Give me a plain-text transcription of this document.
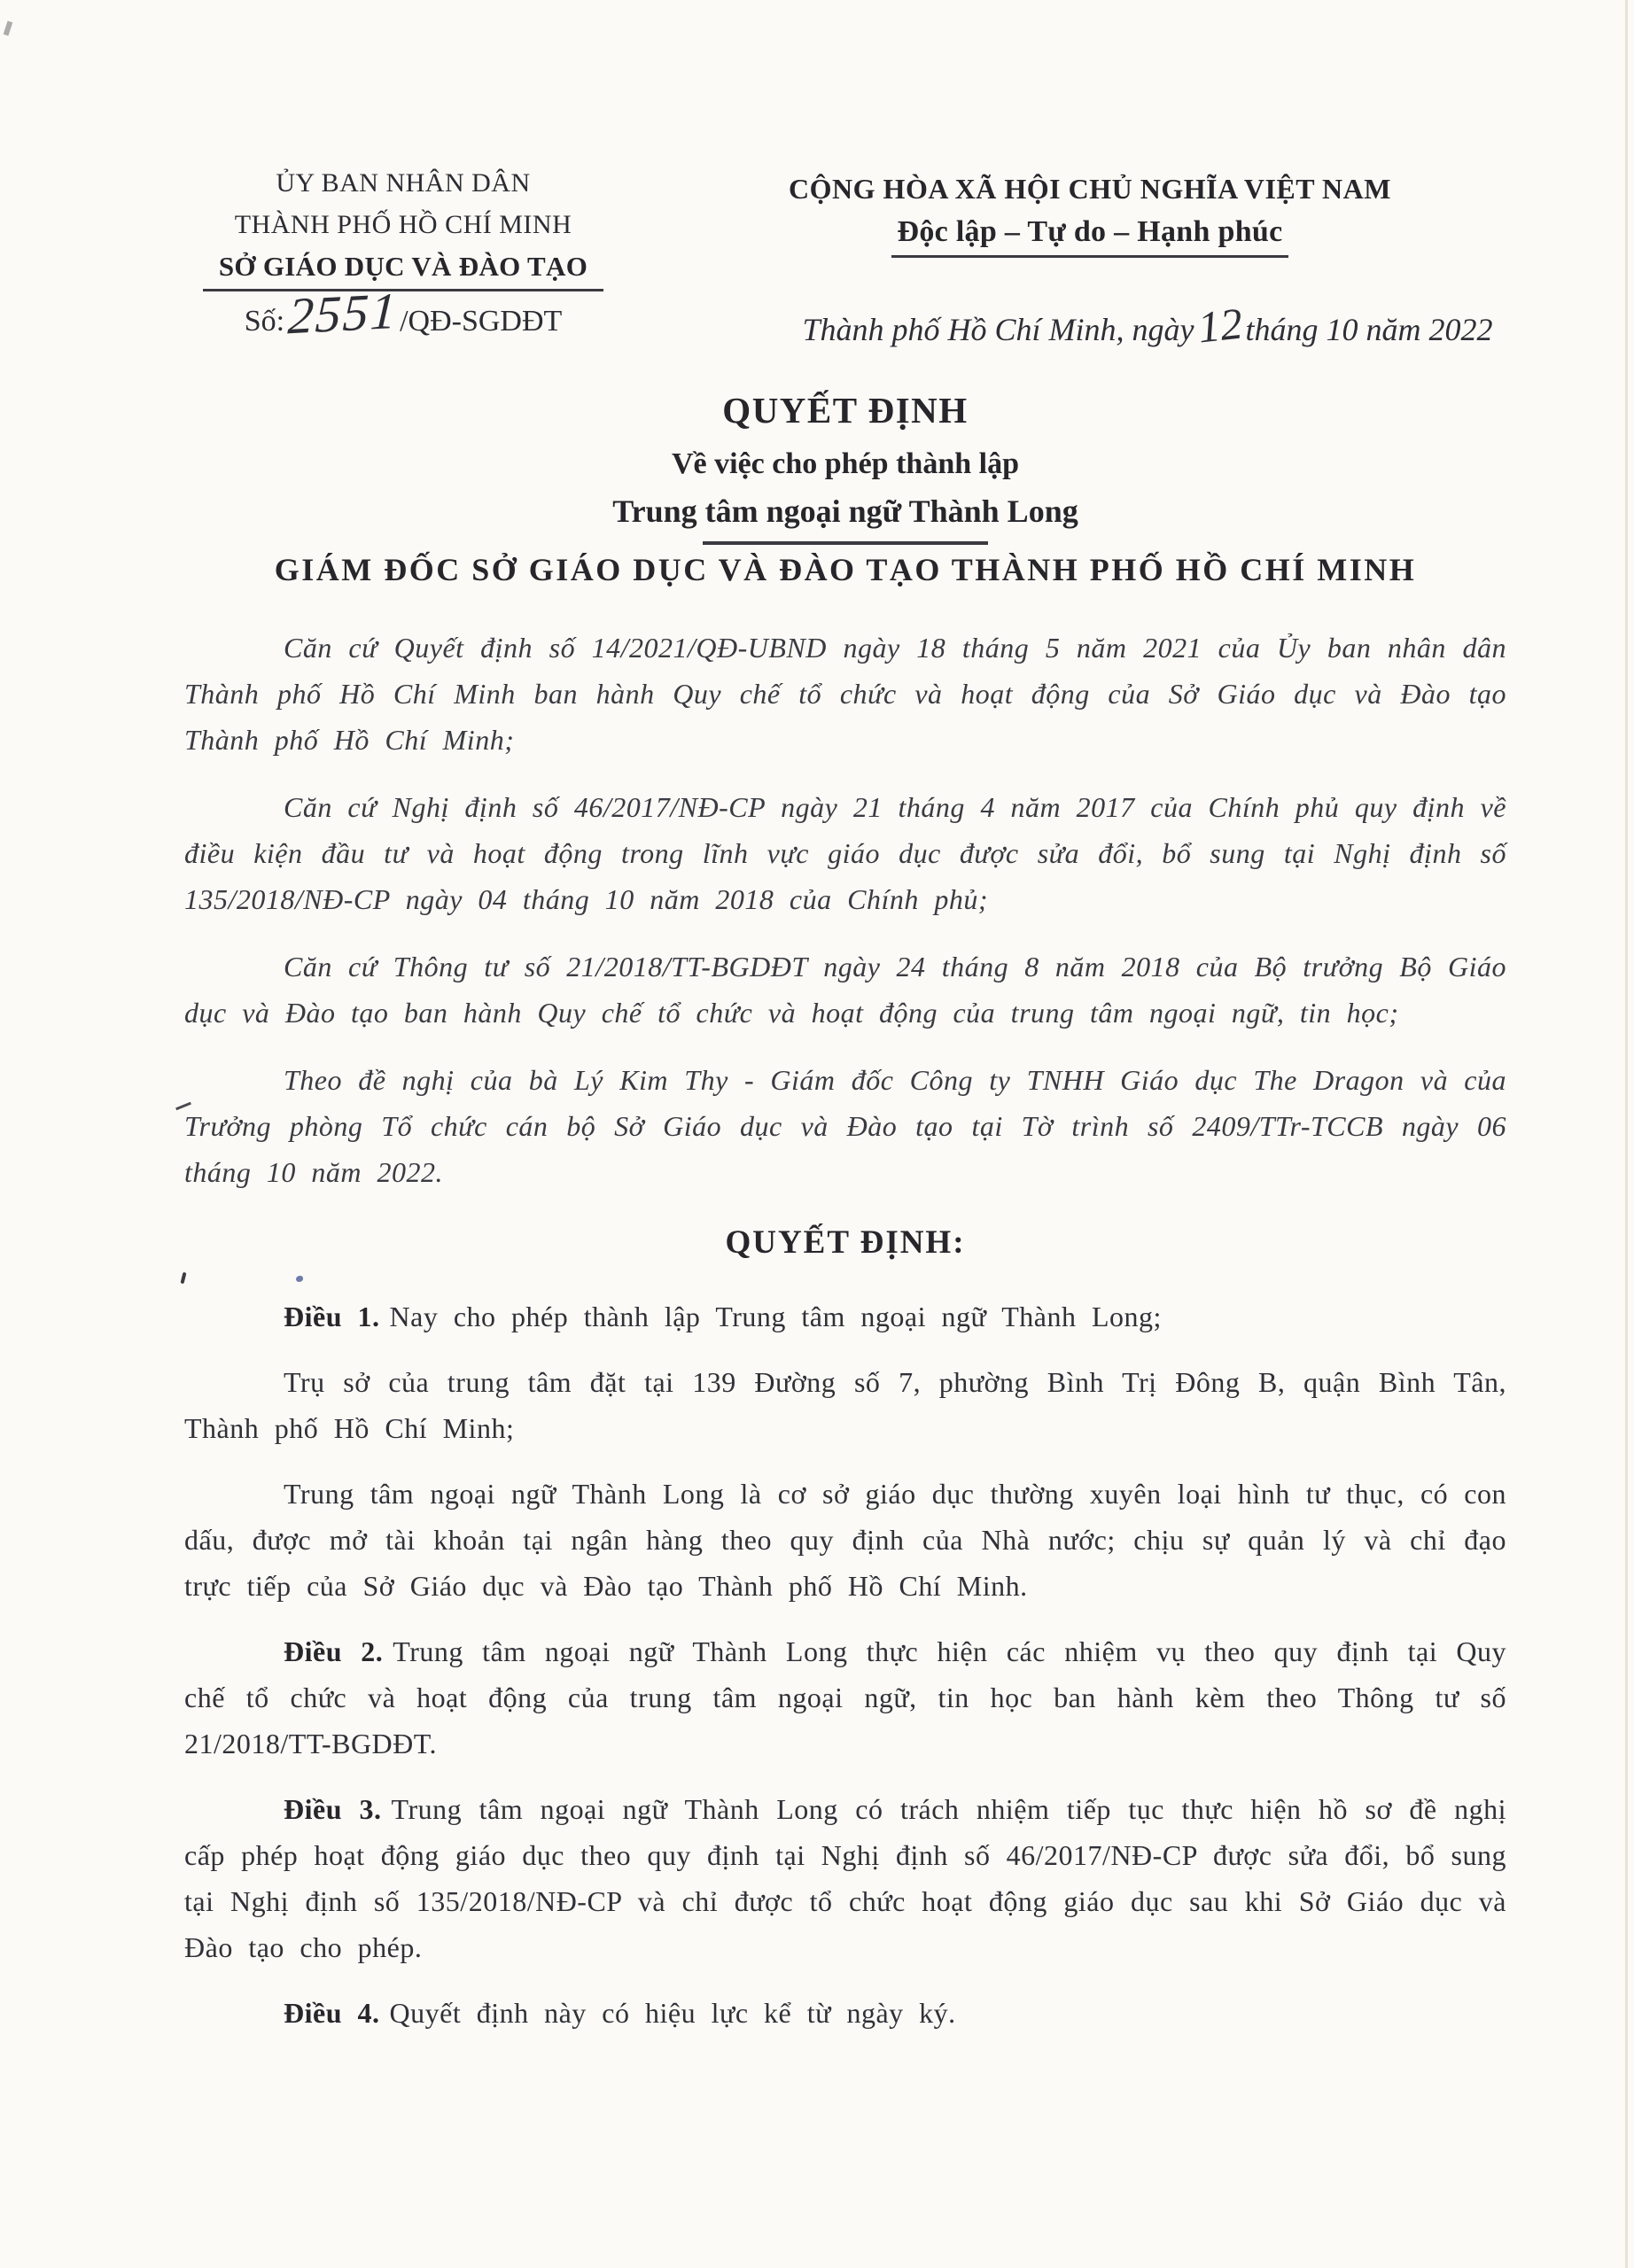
ỦY BAN NHÂN DÂN
THÀNH PHỐ HỒ CHÍ MINH
SỞ GIÁO DỤC VÀ ĐÀO TẠO
Số: 2551 /QĐ-SGDĐT
CỘNG HÒA XÃ HỘI CHỦ NGHĨA VIỆT NAM
Độc lập – Tự do – Hạnh phúc
Thành phố Hồ Chí Minh, ngày 12 tháng 10 năm 2022
QUYẾT ĐỊNH
Về việc cho phép thành lập
Trung tâm ngoại ngữ Thành Long
GIÁM ĐỐC SỞ GIÁO DỤC VÀ ĐÀO TẠO THÀNH PHỐ HỒ CHÍ MINH

Căn cứ Quyết định số 14/2021/QĐ-UBND ngày 18 tháng 5 năm 2021 của Ủy ban nhân dân Thành phố Hồ Chí Minh ban hành Quy chế tổ chức và hoạt động của Sở Giáo dục và Đào tạo Thành phố Hồ Chí Minh;

Căn cứ Nghị định số 46/2017/NĐ-CP ngày 21 tháng 4 năm 2017 của Chính phủ quy định về điều kiện đầu tư và hoạt động trong lĩnh vực giáo dục được sửa đổi, bổ sung tại Nghị định số 135/2018/NĐ-CP ngày 04 tháng 10 năm 2018 của Chính phủ;

Căn cứ Thông tư số 21/2018/TT-BGDĐT ngày 24 tháng 8 năm 2018 của Bộ trưởng Bộ Giáo dục và Đào tạo ban hành Quy chế tổ chức và hoạt động của trung tâm ngoại ngữ, tin học;

Theo đề nghị của bà Lý Kim Thy - Giám đốc Công ty TNHH Giáo dục The Dragon và của Trưởng phòng Tổ chức cán bộ Sở Giáo dục và Đào tạo tại Tờ trình số 2409/TTr-TCCB ngày 06 tháng 10 năm 2022.

QUYẾT ĐỊNH:

Điều 1. Nay cho phép thành lập Trung tâm ngoại ngữ Thành Long;

Trụ sở của trung tâm đặt tại 139 Đường số 7, phường Bình Trị Đông B, quận Bình Tân, Thành phố Hồ Chí Minh;

Trung tâm ngoại ngữ Thành Long là cơ sở giáo dục thường xuyên loại hình tư thục, có con dấu, được mở tài khoản tại ngân hàng theo quy định của Nhà nước; chịu sự quản lý và chỉ đạo trực tiếp của Sở Giáo dục và Đào tạo Thành phố Hồ Chí Minh.

Điều 2. Trung tâm ngoại ngữ Thành Long thực hiện các nhiệm vụ theo quy định tại Quy chế tổ chức và hoạt động của trung tâm ngoại ngữ, tin học ban hành kèm theo Thông tư số 21/2018/TT-BGDĐT.

Điều 3. Trung tâm ngoại ngữ Thành Long có trách nhiệm tiếp tục thực hiện hồ sơ đề nghị cấp phép hoạt động giáo dục theo quy định tại Nghị định số 46/2017/NĐ-CP được sửa đổi, bổ sung tại Nghị định số 135/2018/NĐ-CP và chỉ được tổ chức hoạt động giáo dục sau khi Sở Giáo dục và Đào tạo cho phép.

Điều 4. Quyết định này có hiệu lực kể từ ngày ký.
